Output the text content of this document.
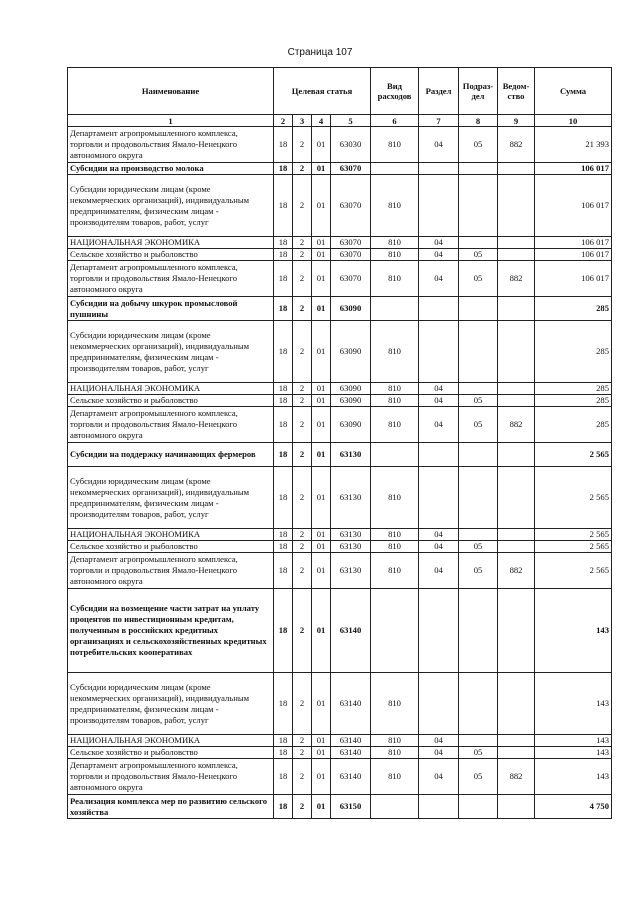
Страница 107
Наименование	Целевая статья				Вид расходов	Раздел	Подраз-дел	Ведом-ство	Сумма
1	2	3	4	5	6	7	8	9	10
Департамент агропромышленного комплекса, торговли и продовольствия Ямало-Ненецкого автономного округа	18	2	01	63030	810	04	05	882	21 393
Субсидии на производство молока	18	2	01	63070					106 017
Субсидии юридическим лицам (кроме некоммерческих организаций), индивидуальным предпринимателям, физическим лицам - производителям товаров, работ, услуг	18	2	01	63070	810				106 017
НАЦИОНАЛЬНАЯ ЭКОНОМИКА	18	2	01	63070	810	04			106 017
Сельское хозяйство и рыболовство	18	2	01	63070	810	04	05		106 017
Департамент агропромышленного комплекса, торговли и продовольствия Ямало-Ненецкого автономного округа	18	2	01	63070	810	04	05	882	106 017
Субсидии на добычу шкурок промысловой пушнины	18	2	01	63090					285
Субсидии юридическим лицам (кроме некоммерческих организаций), индивидуальным предпринимателям, физическим лицам - производителям товаров, работ, услуг	18	2	01	63090	810				285
НАЦИОНАЛЬНАЯ ЭКОНОМИКА	18	2	01	63090	810	04			285
Сельское хозяйство и рыболовство	18	2	01	63090	810	04	05		285
Департамент агропромышленного комплекса, торговли и продовольствия Ямало-Ненецкого автономного округа	18	2	01	63090	810	04	05	882	285
Субсидии на поддержку начинающих фермеров	18	2	01	63130					2 565
Субсидии юридическим лицам (кроме некоммерческих организаций), индивидуальным предпринимателям, физическим лицам - производителям товаров, работ, услуг	18	2	01	63130	810				2 565
НАЦИОНАЛЬНАЯ ЭКОНОМИКА	18	2	01	63130	810	04			2 565
Сельское хозяйство и рыболовство	18	2	01	63130	810	04	05		2 565
Департамент агропромышленного комплекса, торговли и продовольствия Ямало-Ненецкого автономного округа	18	2	01	63130	810	04	05	882	2 565
Субсидии на возмещение части затрат на уплату процентов по инвестиционным кредитам, полученным в российских кредитных организациях и сельскохозяйственных кредитных потребительских кооперативах	18	2	01	63140					143
Субсидии юридическим лицам (кроме некоммерческих организаций), индивидуальным предпринимателям, физическим лицам - производителям товаров, работ, услуг	18	2	01	63140	810				143
НАЦИОНАЛЬНАЯ ЭКОНОМИКА	18	2	01	63140	810	04			143
Сельское хозяйство и рыболовство	18	2	01	63140	810	04	05		143
Департамент агропромышленного комплекса, торговли и продовольствия Ямало-Ненецкого автономного округа	18	2	01	63140	810	04	05	882	143
Реализация комплекса мер по развитию сельского хозяйства	18	2	01	63150					4 750
